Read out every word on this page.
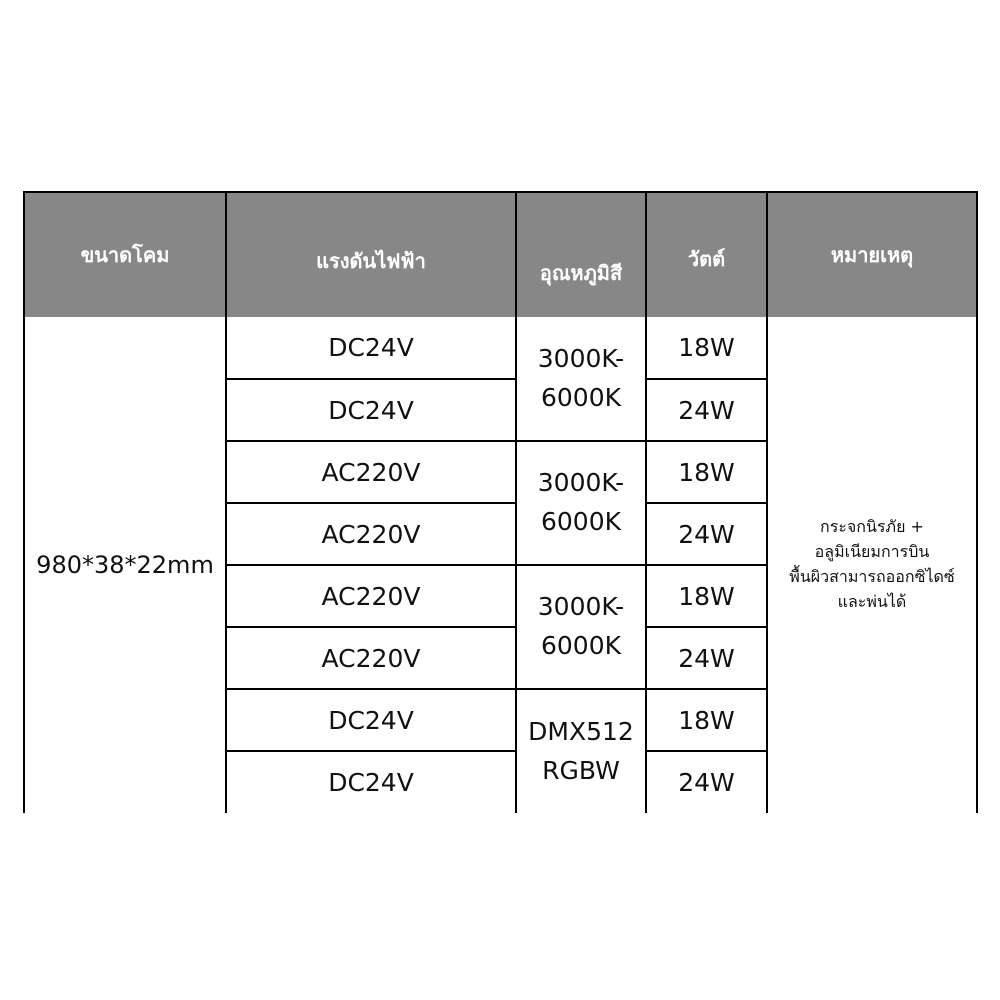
ขนาดโคม	แรงดันไฟฟ้า	อุณหภูมิสี	วัตต์	หมายเหตุ
980*38*22mm	DC24V	3000K- 6000K	18W	กระจกนิรภัย + อลูมิเนียมการบิน พื้นผิวสามารถออกซิไดซ์ และพ่นได้
	DC24V		24W	
	AC220V	3000K- 6000K	18W	
	AC220V		24W	
	AC220V	3000K- 6000K	18W	
	AC220V		24W	
	DC24V	DMX512 RGBW	18W	
	DC24V		24W	
